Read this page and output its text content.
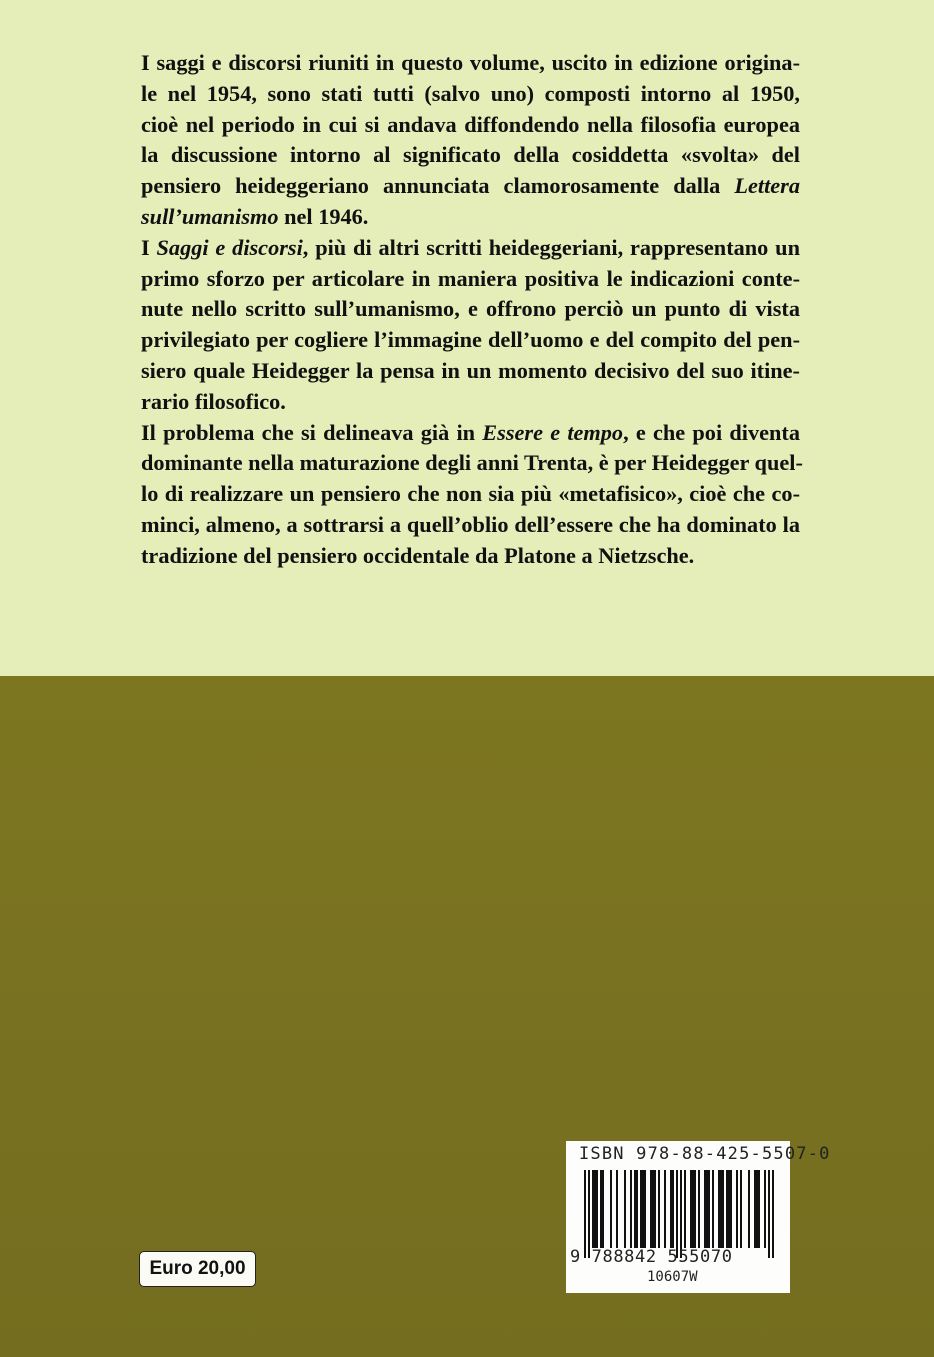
I saggi e discorsi riuniti in questo volume, uscito in edizione origina-
le nel 1954, sono stati tutti (salvo uno) composti intorno al 1950,
cioè nel periodo in cui si andava diffondendo nella filosofia europea
la discussione intorno al significato della cosiddetta «svolta» del
pensiero heideggeriano annunciata clamorosamente dalla Lettera
sull’umanismo nel 1946.
I Saggi e discorsi, più di altri scritti heideggeriani, rappresentano un
primo sforzo per articolare in maniera positiva le indicazioni conte-
nute nello scritto sull’umanismo, e offrono perciò un punto di vista
privilegiato per cogliere l’immagine dell’uomo e del compito del pen-
siero quale Heidegger la pensa in un momento decisivo del suo itine-
rario filosofico.
Il problema che si delineava già in Essere e tempo, e che poi diventa
dominante nella maturazione degli anni Trenta, è per Heidegger quel-
lo di realizzare un pensiero che non sia più «metafisico», cioè che co-
minci, almeno, a sottrarsi a quell’oblio dell’essere che ha dominato la
tradizione del pensiero occidentale da Platone a Nietzsche.
Euro 20,00
ISBN 978-88-425-5507-0
9 788842 555070
10607W
